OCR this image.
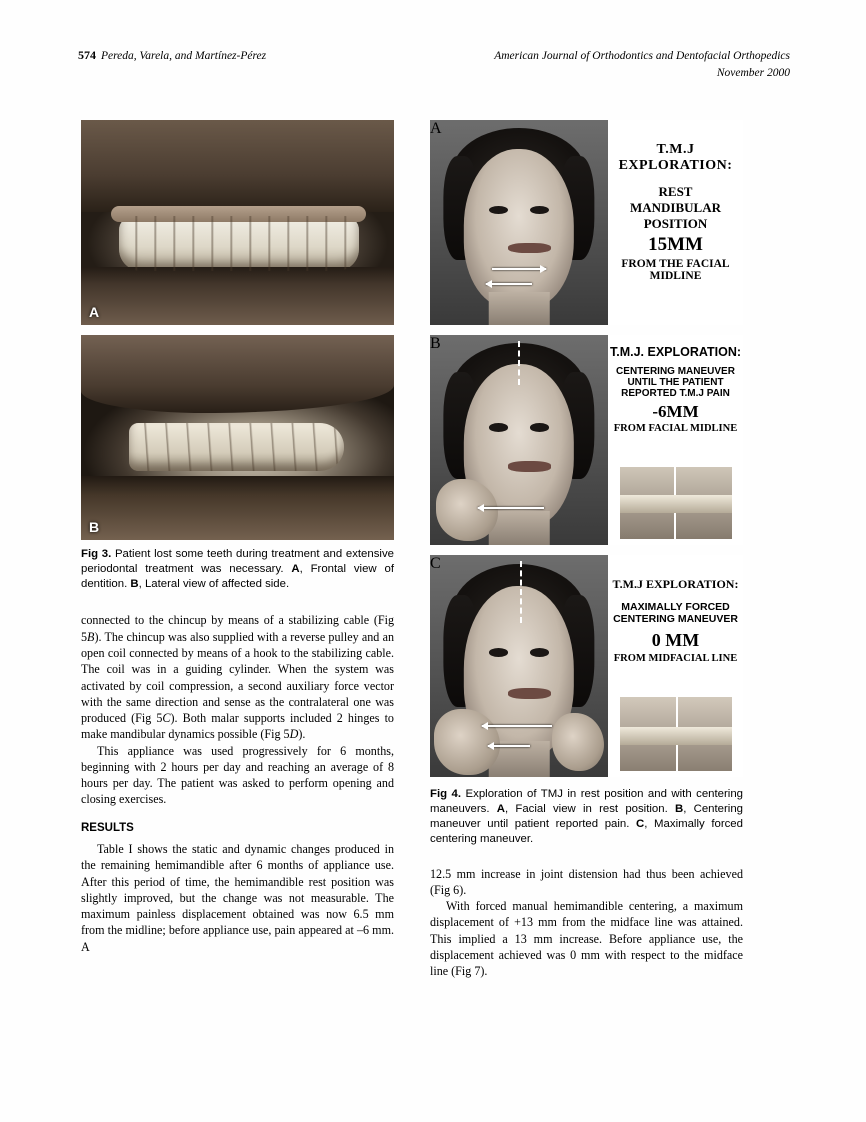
574 Pereda, Varela, and Martínez-Pérez	American Journal of Orthodontics and Dentofacial Orthopedics
November 2000
A
B
Fig 3. Patient lost some teeth during treatment and extensive periodontal treatment was necessary. A, Frontal view of dentition. B, Lateral view of affected side.

connected to the chincup by means of a stabilizing cable (Fig 5B). The chincup was also supplied with a reverse pulley and an open coil connected by means of a hook to the stabilizing cable. The coil was in a guiding cylinder. When the system was activated by coil compression, a second auxiliary force vector with the same direction and sense as the contralateral one was produced (Fig 5C). Both malar supports included 2 hinges to make mandibular dynamics possible (Fig 5D).

This appliance was used progressively for 6 months, beginning with 2 hours per day and reaching an average of 8 hours per day. The patient was asked to perform opening and closing exercises.

RESULTS

Table I shows the static and dynamic changes produced in the remaining hemimandible after 6 months of appliance use. After this period of time, the hemimandible rest position was slightly improved, but the change was not measurable. The maximum painless displacement obtained was now 6.5 mm from the midline; before appliance use, pain appeared at –6 mm. A

A
T.M.J
EXPLORATION:
REST
MANDIBULAR
POSITION
15MM
FROM THE FACIAL
MIDLINE
B	T.M.J. EXPLORATION:
CENTERING MANEUVER
UNTIL THE PATIENT
REPORTED T.M.J PAIN
-6MM
FROM FACIAL MIDLINE
C
T.M.J EXPLORATION:
MAXIMALLY FORCED
CENTERING MANEUVER
0 MM
FROM MIDFACIAL LINE
Fig 4. Exploration of TMJ in rest position and with centering maneuvers. A, Facial view in rest position. B, Centering maneuver until patient reported pain. C, Maximally forced centering maneuver.

12.5 mm increase in joint distension had thus been achieved (Fig 6).

With forced manual hemimandible centering, a maximum displacement of +13 mm from the midface line was attained. This implied a 13 mm increase. Before appliance use, the displacement achieved was 0 mm with respect to the midface line (Fig 7).
